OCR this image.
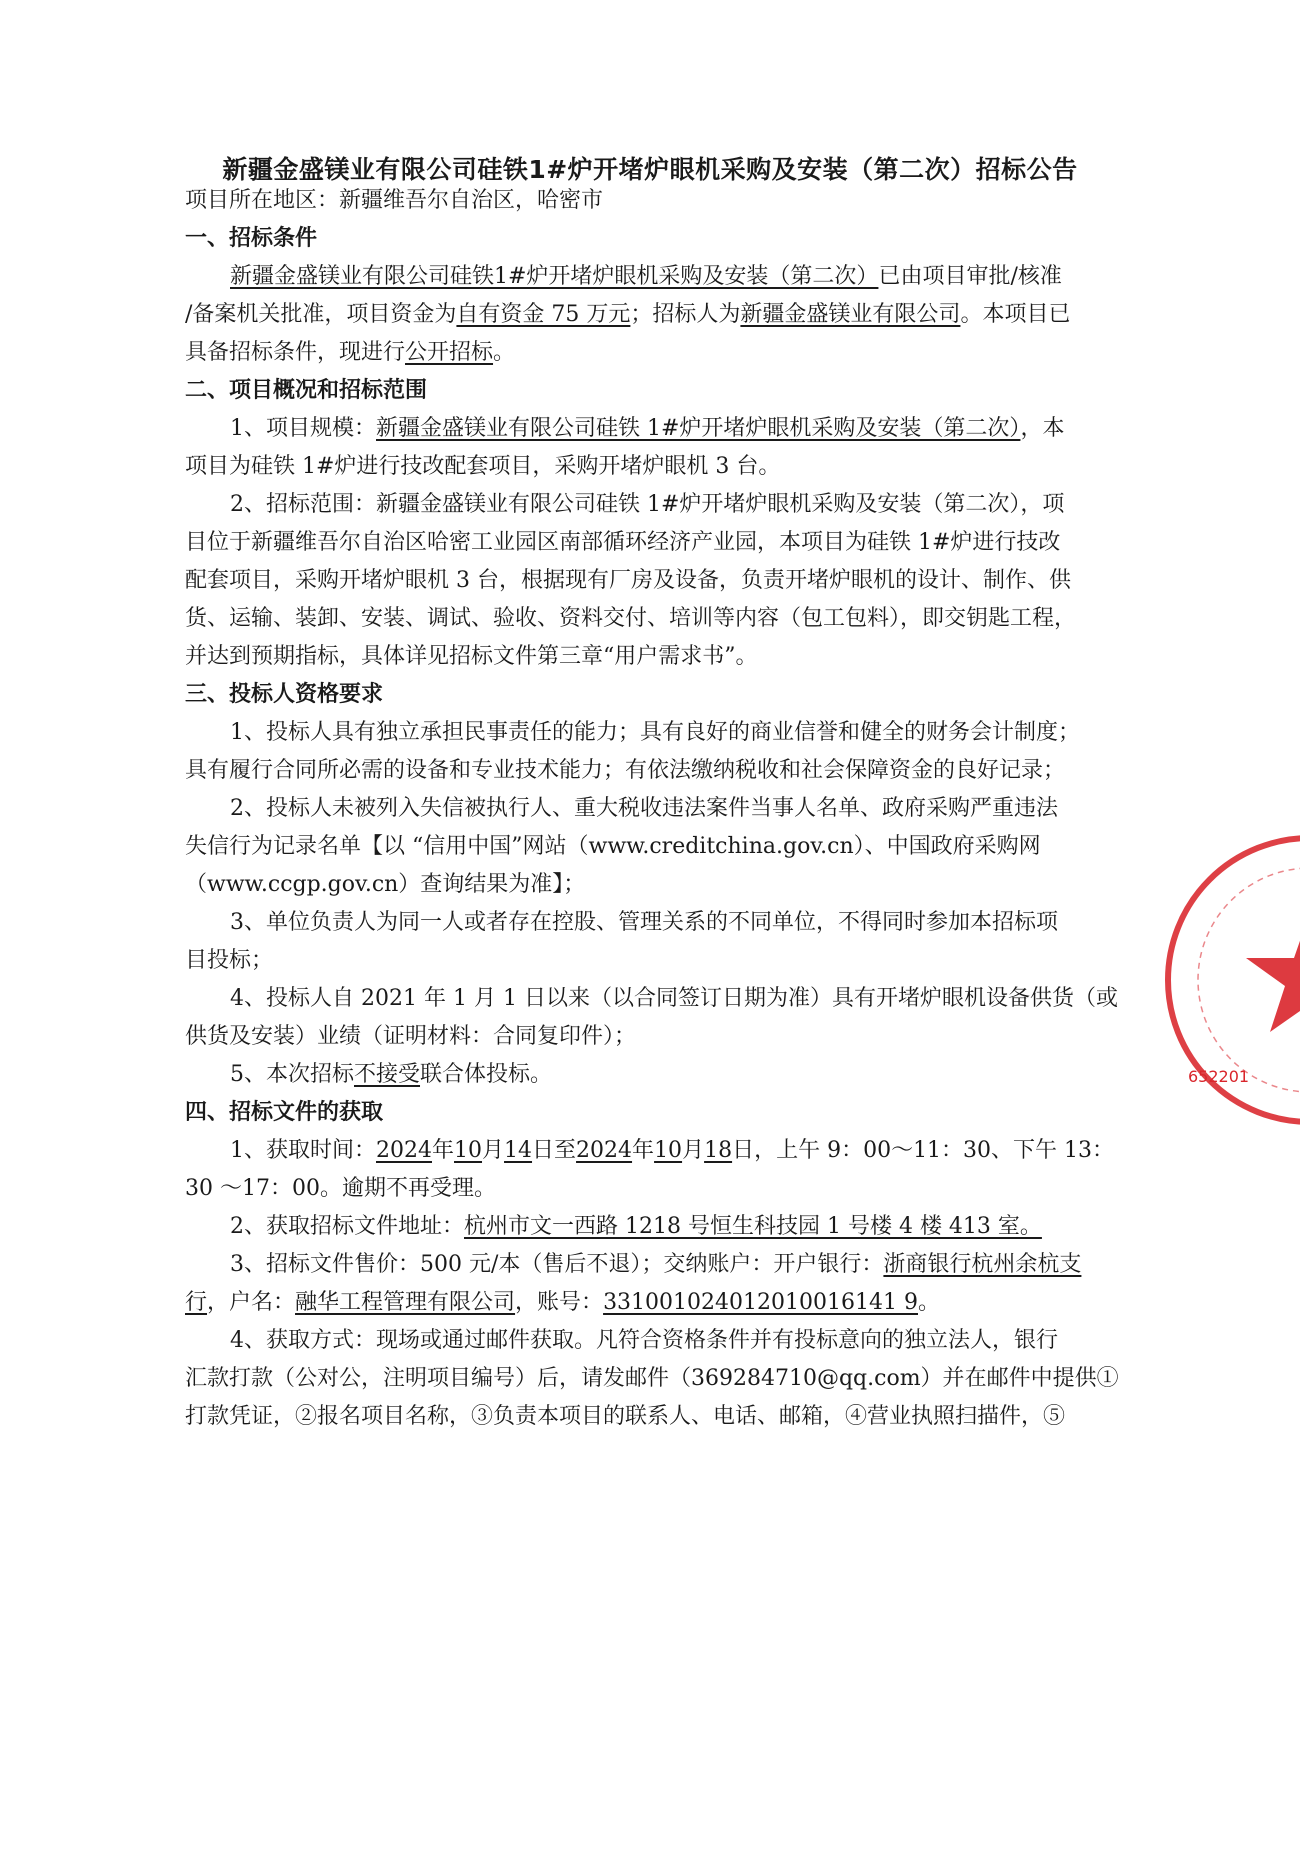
新疆金盛镁业有限公司硅铁1#炉开堵炉眼机采购及安装（第二次）招标公告
项目所在地区：新疆维吾尔自治区，哈密市
一、招标条件
新疆金盛镁业有限公司硅铁1#炉开堵炉眼机采购及安装（第二次）已由项目审批/核准
/备案机关批准，项目资金为自有资金 75 万元；招标人为新疆金盛镁业有限公司。本项目已
具备招标条件，现进行公开招标。
二、项目概况和招标范围
1、项目规模：新疆金盛镁业有限公司硅铁 1#炉开堵炉眼机采购及安装（第二次），本
项目为硅铁 1#炉进行技改配套项目，采购开堵炉眼机 3 台。
2、招标范围：新疆金盛镁业有限公司硅铁 1#炉开堵炉眼机采购及安装（第二次），项
目位于新疆维吾尔自治区哈密工业园区南部循环经济产业园，本项目为硅铁 1#炉进行技改
配套项目，采购开堵炉眼机 3 台，根据现有厂房及设备，负责开堵炉眼机的设计、制作、供
货、运输、装卸、安装、调试、验收、资料交付、培训等内容（包工包料），即交钥匙工程，
并达到预期指标，具体详见招标文件第三章“用户需求书”。
三、投标人资格要求
1、投标人具有独立承担民事责任的能力；具有良好的商业信誉和健全的财务会计制度；
具有履行合同所必需的设备和专业技术能力；有依法缴纳税收和社会保障资金的良好记录；
2、投标人未被列入失信被执行人、重大税收违法案件当事人名单、政府采购严重违法
失信行为记录名单【以 “信用中国”网站（www.creditchina.gov.cn）、中国政府采购网
（www.ccgp.gov.cn）查询结果为准】；
3、单位负责人为同一人或者存在控股、管理关系的不同单位，不得同时参加本招标项
目投标；
4、投标人自 2021 年 1 月 1 日以来（以合同签订日期为准）具有开堵炉眼机设备供货（或
供货及安装）业绩（证明材料：合同复印件）；
5、本次招标不接受联合体投标。
四、招标文件的获取
1、获取时间：2024年10月14日至2024年10月18日，上午 9：00～11：30、下午 13：
30 ～17：00。逾期不再受理。
2、获取招标文件地址：杭州市文一西路 1218 号恒生科技园 1 号楼 4 楼 413 室。
3、招标文件售价：500 元/本（售后不退）；交纳账户：开户银行：浙商银行杭州余杭支
行，户名：融华工程管理有限公司，账号：331001024012010016141 9。
4、获取方式：现场或通过邮件获取。凡符合资格条件并有投标意向的独立法人，银行
汇款打款（公对公，注明项目编号）后，请发邮件（369284710@qq.com）并在邮件中提供①
打款凭证，②报名项目名称，③负责本项目的联系人、电话、邮箱，④营业执照扫描件，⑤
652201
